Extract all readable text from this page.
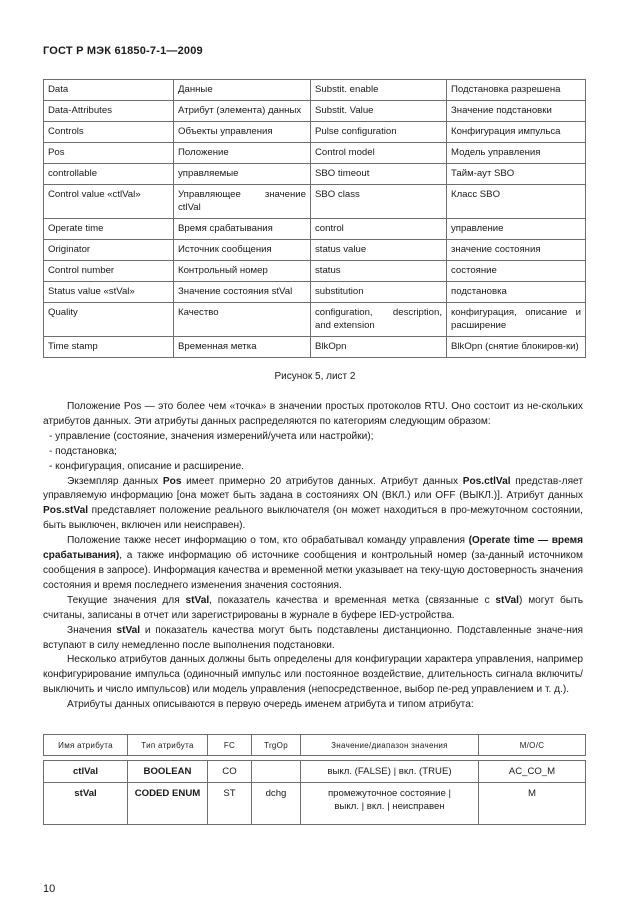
ГОСТ Р МЭК 61850-7-1—2009
Data	Данные	Substit. enable	Подстановка разрешена
Data-Attributes	Атрибут (элемента) данных	Substit. Value	Значение подстановки
Controls	Объекты управления	Pulse configuration	Конфигурация импульса
Pos	Положение	Control model	Модель управления
controllable	управляемые	SBO timeout	Тайм-аут SBO
Control value «ctlVal»	Управляющее значение ctlVal	SBO class	Класс SBO
Operate time	Время срабатывания	control	управление
Originator	Источник сообщения	status value	значение состояния
Control number	Контрольный номер	status	состояние
Status value «stVal»	Значение состояния stVal	substitution	подстановка
Quality	Качество	configuration, description, and extension	конфигурация, описание и расширение
Time stamp	Временная метка	BlkOpn	BlkOpn (снятие блокиров-ки)
Рисунок 5, лист 2

Положение Pos — это более чем «точка» в значении простых протоколов RTU. Оно состоит из не-скольких атрибутов данных. Эти атрибуты данных распределяются по категориям следующим образом:

- управление (состояние, значения измерений/учета или настройки);

- подстановка;

- конфигурация, описание и расширение.

Экземпляр данных Pos имеет примерно 20 атрибутов данных. Атрибут данных Pos.ctlVal представ-ляет управляемую информацию [она может быть задана в состояниях ON (ВКЛ.) или OFF (ВЫКЛ.)]. Атрибут данных Pos.stVal представляет положение реального выключателя (он может находиться в про-межуточном состоянии, быть выключен, включен или неисправен).

Положение также несет информацию о том, кто обрабатывал команду управления (Operate time — время срабатывания), а также информацию об источнике сообщения и контрольный номер (за-данный источником сообщения в запросе). Информация качества и временной метки указывает на теку-щую достоверность значения состояния и время последнего изменения значения состояния.

Текущие значения для stVal, показатель качества и временная метка (связанные с stVal) могут быть считаны, записаны в отчет или зарегистрированы в журнале в буфере IED-устройства.

Значения stVal и показатель качества могут быть подставлены дистанционно. Подставленные значе-ния вступают в силу немедленно после выполнения подстановки.

Несколько атрибутов данных должны быть определены для конфигурации характера управления, например конфигурирование импульса (одиночный импульс или постоянное воздействие, длительность сигнала включить/выключить и число импульсов) или модель управления (непосредственное, выбор пе-ред управлением и т. д.).

Атрибуты данных описываются в первую очередь именем атрибута и типом атрибута:

Имя атрибута	Тип атрибута	FC	TrgOp	Значение/диапазон значения	M/O/C

ctlVal	BOOLEAN	CO		выкл. (FALSE) | вкл. (TRUE)	AC_CO_M
stVal	CODED ENUM	ST	dchg	промежуточное состояние |
выкл. | вкл. | неисправен	M
10
